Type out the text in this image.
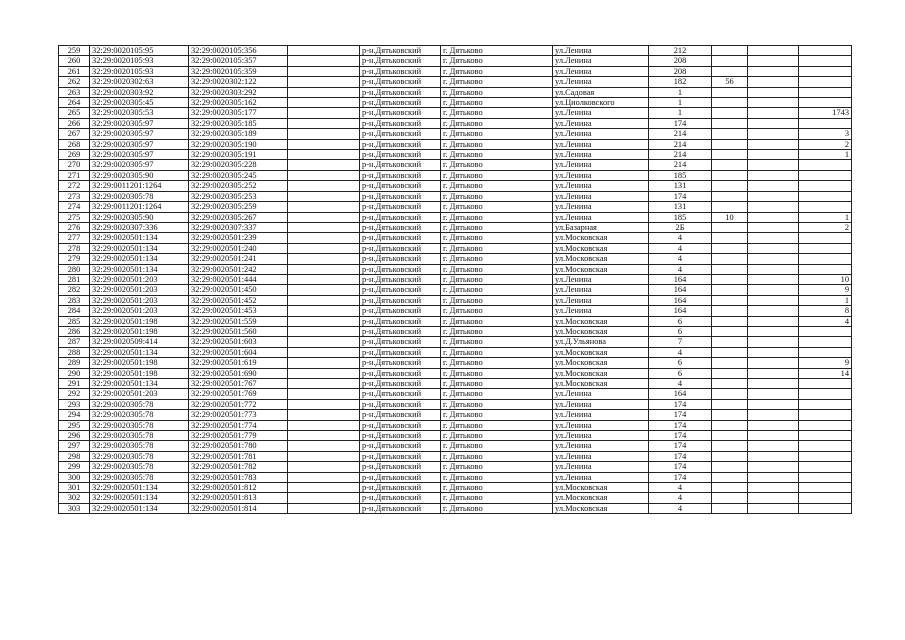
259	32:29:0020105:95	32:29:0020105:356		р-н.Дятьковский	г. Дятьково	ул.Ленина	212			
260	32:29:0020105:93	32:29:0020105:357		р-н.Дятьковский	г. Дятьково	ул.Ленина	208			
261	32:29:0020105:93	32:29:0020105:359		р-н.Дятьковский	г. Дятьково	ул.Ленина	208			
262	32:29:0020302:63	32:29:0020302:122		р-н.Дятьковский	г. Дятьково	ул.Ленина	182	56		
263	32:29:0020303:92	32:29:0020303:292		р-н.Дятьковский	г. Дятьково	ул.Садовая	1			
264	32:29:0020305:45	32:29:0020305:162		р-н.Дятьковский	г. Дятьково	ул.Циолковского	1			
265	32:29:0020305:53	32:29:0020305:177		р-н.Дятьковский	г. Дятьково	ул.Ленина	1			1743
266	32:29:0020305:97	32:29:0020305:185		р-н.Дятьковский	г. Дятьково	ул.Ленина	174			
267	32:29:0020305:97	32:29:0020305:189		р-н.Дятьковский	г. Дятьково	ул.Ленина	214			3
268	32:29:0020305:97	32:29:0020305:190		р-н.Дятьковский	г. Дятьково	ул.Ленина	214			2
269	32:29:0020305:97	32:29:0020305:191		р-н.Дятьковский	г. Дятьково	ул.Ленина	214			1
270	32:29:0020305:97	32:29:0020305:228		р-н.Дятьковский	г. Дятьково	ул.Ленина	214			
271	32:29:0020305:90	32:29:0020305:245		р-н.Дятьковский	г. Дятьково	ул.Ленина	185			
272	32:29:0011201:1264	32:29:0020305:252		р-н.Дятьковский	г. Дятьково	ул.Ленина	131			
273	32:29:0020305:78	32:29:0020305:253		р-н.Дятьковский	г. Дятьково	ул.Ленина	174			
274	32:29:0011201:1264	32:29:0020305:259		р-н.Дятьковский	г. Дятьково	ул.Ленина	131			
275	32:29:0020305:90	32:29:0020305:267		р-н.Дятьковский	г. Дятьково	ул.Ленина	185	10		1
276	32:29:0020307:336	32:29:0020307:337		р-н.Дятьковский	г. Дятьково	ул.Базарная	2Б			2
277	32:29:0020501:134	32:29:0020501:239		р-н.Дятьковский	г. Дятьково	ул.Московская	4			
278	32:29:0020501:134	32:29:0020501:240		р-н.Дятьковский	г. Дятьково	ул.Московская	4			
279	32:29:0020501:134	32:29:0020501:241		р-н.Дятьковский	г. Дятьково	ул.Московская	4			
280	32:29:0020501:134	32:29:0020501:242		р-н.Дятьковский	г. Дятьково	ул.Московская	4			
281	32:29:0020501:203	32:29:0020501:444		р-н.Дятьковский	г. Дятьково	ул.Ленина	164			10
282	32:29:0020501:203	32:29:0020501:450		р-н.Дятьковский	г. Дятьково	ул.Ленина	164			9
283	32:29:0020501:203	32:29:0020501:452		р-н.Дятьковский	г. Дятьково	ул.Ленина	164			1
284	32:29:0020501:203	32:29:0020501:453		р-н.Дятьковский	г. Дятьково	ул.Ленина	164			8
285	32:29:0020501:198	32:29:0020501:559		р-н.Дятьковский	г. Дятьково	ул.Московская	6			4
286	32:29:0020501:198	32:29:0020501:560		р-н.Дятьковский	г. Дятьково	ул.Московская	6			
287	32:29:0020509:414	32:29:0020501:603		р-н.Дятьковский	г. Дятьково	ул.Д.Ульянова	7			
288	32:29:0020501:134	32:29:0020501:604		р-н.Дятьковский	г. Дятьково	ул.Московская	4			
289	32:29:0020501:198	32:29:0020501:619		р-н.Дятьковский	г. Дятьково	ул.Московская	6			9
290	32:29:0020501:198	32:29:0020501:690		р-н.Дятьковский	г. Дятьково	ул.Московская	6			14
291	32:29:0020501:134	32:29:0020501:767		р-н.Дятьковский	г. Дятьково	ул.Московская	4			
292	32:29:0020501:203	32:29:0020501:769		р-н.Дятьковский	г. Дятьково	ул.Ленина	164			
293	32:29:0020305:78	32:29:0020501:772		р-н.Дятьковский	г. Дятьково	ул.Ленина	174			
294	32:29:0020305:78	32:29:0020501:773		р-н.Дятьковский	г. Дятьково	ул.Ленина	174			
295	32:29:0020305:78	32:29:0020501:774		р-н.Дятьковский	г. Дятьково	ул.Ленина	174			
296	32:29:0020305:78	32:29:0020501:779		р-н.Дятьковский	г. Дятьково	ул.Ленина	174			
297	32:29:0020305:78	32:29:0020501:780		р-н.Дятьковский	г. Дятьково	ул.Ленина	174			
298	32:29:0020305:78	32:29:0020501:781		р-н.Дятьковский	г. Дятьково	ул.Ленина	174			
299	32:29:0020305:78	32:29:0020501:782		р-н.Дятьковский	г. Дятьково	ул.Ленина	174			
300	32:29:0020305:78	32:29:0020501:783		р-н.Дятьковский	г. Дятьково	ул.Ленина	174			
301	32:29:0020501:134	32:29:0020501:812		р-н.Дятьковский	г. Дятьково	ул.Московская	4			
302	32:29:0020501:134	32:29:0020501:813		р-н.Дятьковский	г. Дятьково	ул.Московская	4			
303	32:29:0020501:134	32:29:0020501:814		р-н.Дятьковский	г. Дятьково	ул.Московская	4			
